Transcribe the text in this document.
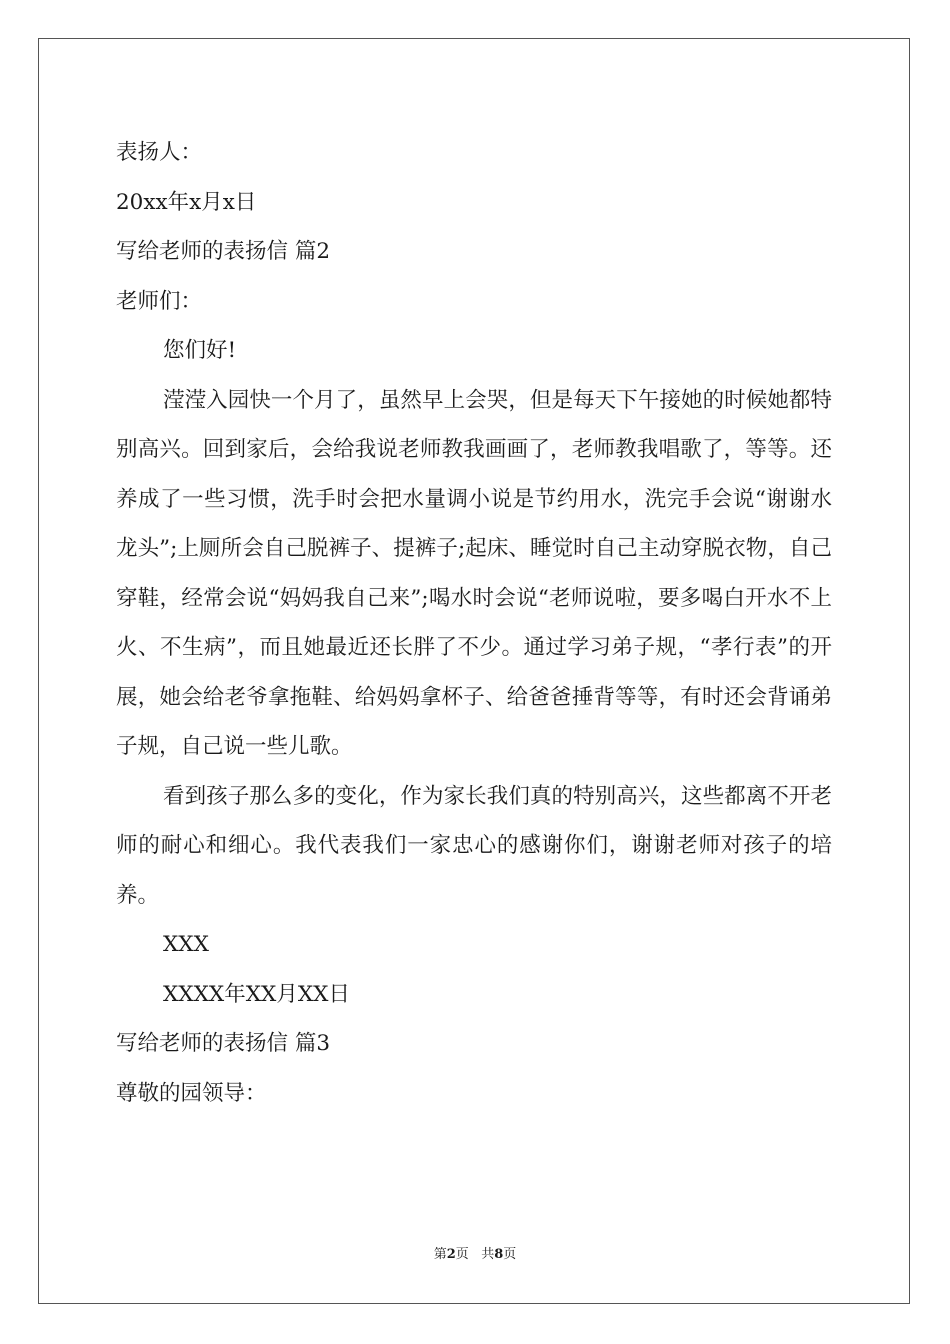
表扬人：
20xx年x月x日
写给老师的表扬信 篇2
老师们：
您们好!

滢滢入园快一个月了，虽然早上会哭，但是每天下午接她的时候她都特别高兴。回到家后，会给我说老师教我画画了，老师教我唱歌了，等等。还养成了一些习惯，洗手时会把水量调小说是节约用水，洗完手会说“谢谢水龙头”;上厕所会自己脱裤子、提裤子;起床、睡觉时自己主动穿脱衣物，自己穿鞋，经常会说“妈妈我自己来”;喝水时会说“老师说啦，要多喝白开水不上火、不生病”，而且她最近还长胖了不少。通过学习弟子规，“孝行表”的开展，她会给老爷拿拖鞋、给妈妈拿杯子、给爸爸捶背等等，有时还会背诵弟子规，自己说一些儿歌。

看到孩子那么多的变化，作为家长我们真的特别高兴，这些都离不开老师的耐心和细心。我代表我们一家忠心的感谢你们，谢谢老师对孩子的培养。

XXX
XXXX年XX月XX日
写给老师的表扬信 篇3
尊敬的园领导：
第2页 共8页
